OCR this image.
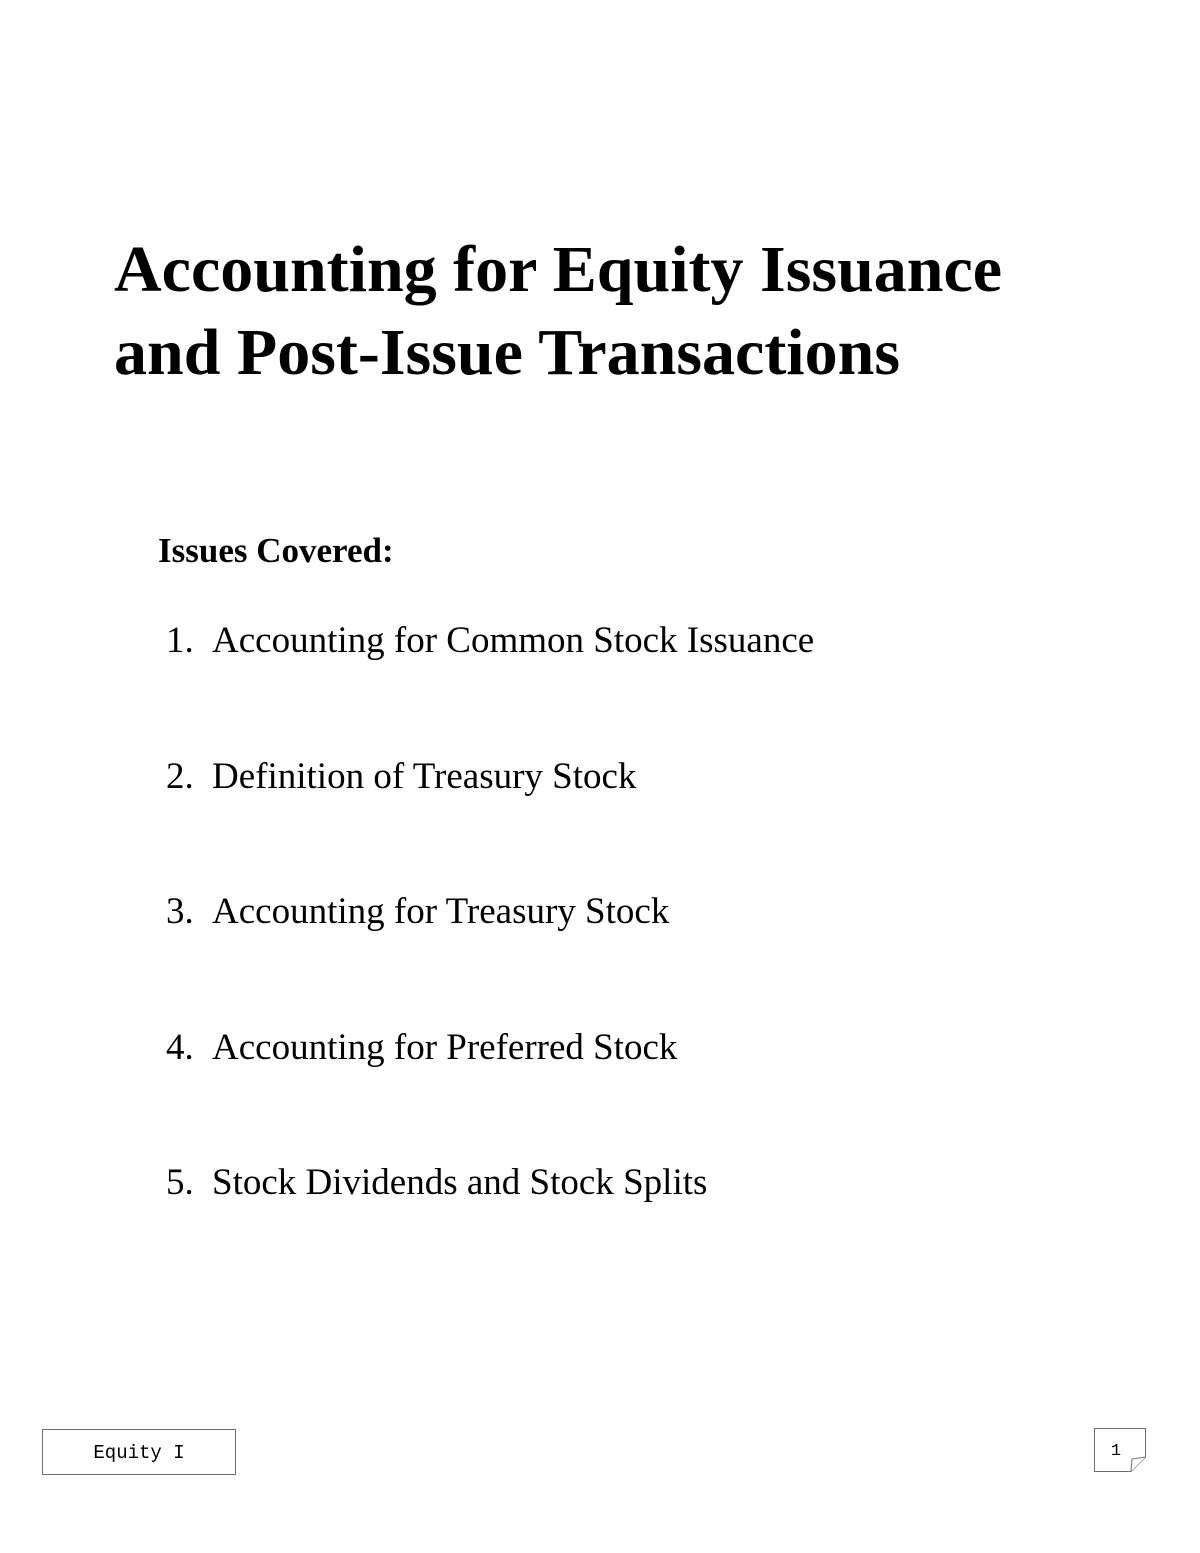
Accounting for Equity Issuance
and Post-Issue Transactions
Issues Covered:
1. Accounting for Common Stock Issuance
2. Definition of Treasury Stock
3. Accounting for Treasury Stock
4. Accounting for Preferred Stock
5. Stock Dividends and Stock Splits
Equity I	1
